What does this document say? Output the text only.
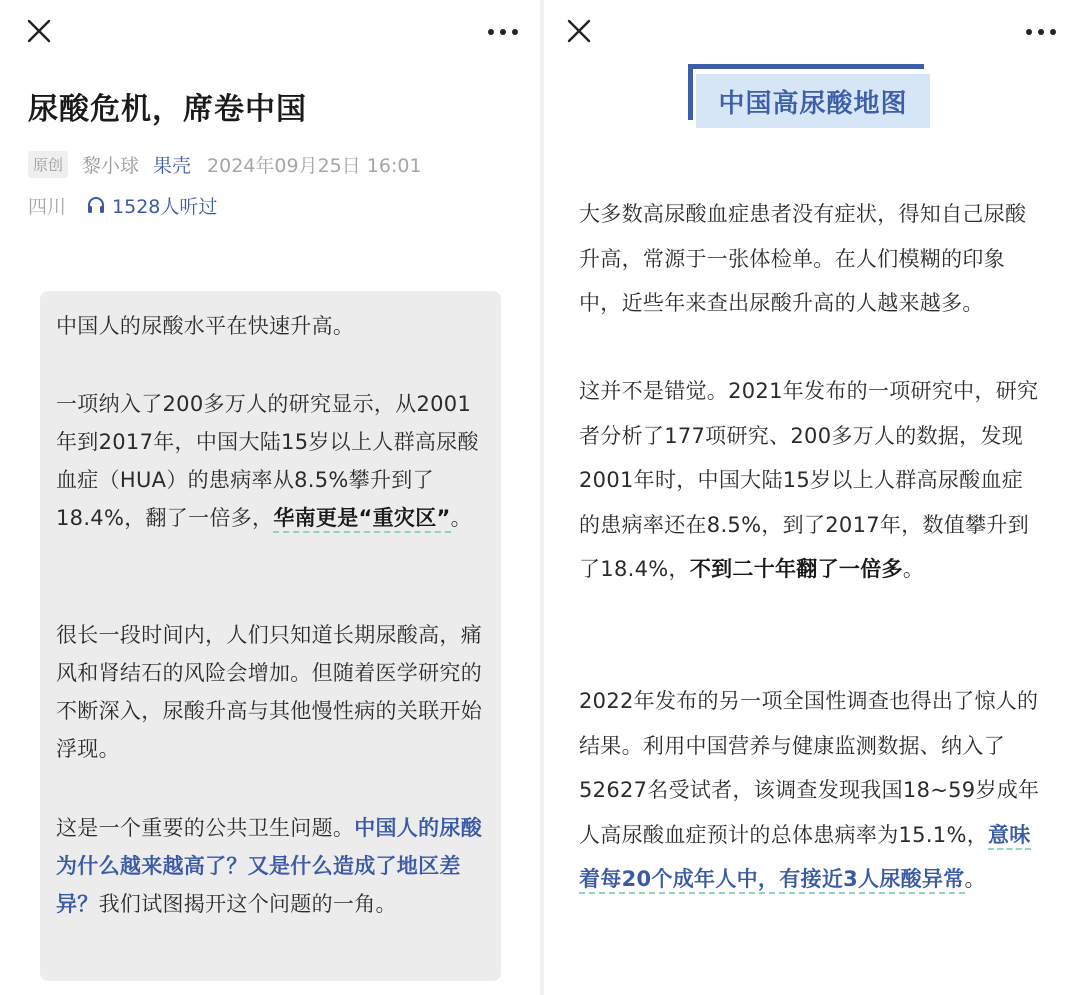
尿酸危机，席卷中国
原创 黎小球 果壳 2024年09月25日 16:01
四川 1528人听过

中国人的尿酸水平在快速升高。

一项纳入了200多万人的研究显示，从2001年到2017年，中国大陆15岁以上人群高尿酸血症（HUA）的患病率从8.5%攀升到了18.4%，翻了一倍多，华南更是“重灾区”。

很长一段时间内，人们只知道长期尿酸高，痛风和肾结石的风险会增加。但随着医学研究的不断深入，尿酸升高与其他慢性病的关联开始浮现。

这是一个重要的公共卫生问题。中国人的尿酸为什么越来越高了？又是什么造成了地区差异？我们试图揭开这个问题的一角。

中国高尿酸地图

大多数高尿酸血症患者没有症状，得知自己尿酸升高，常源于一张体检单。在人们模糊的印象中，近些年来查出尿酸升高的人越来越多。

这并不是错觉。2021年发布的一项研究中，研究者分析了177项研究、200多万人的数据，发现2001年时，中国大陆15岁以上人群高尿酸血症的患病率还在8.5%，到了2017年，数值攀升到了18.4%，不到二十年翻了一倍多。

2022年发布的另一项全国性调查也得出了惊人的结果。利用中国营养与健康监测数据、纳入了52627名受试者，该调查发现我国18~59岁成年人高尿酸血症预计的总体患病率为15.1%，意味着每20个成年人中，有接近3人尿酸异常。
